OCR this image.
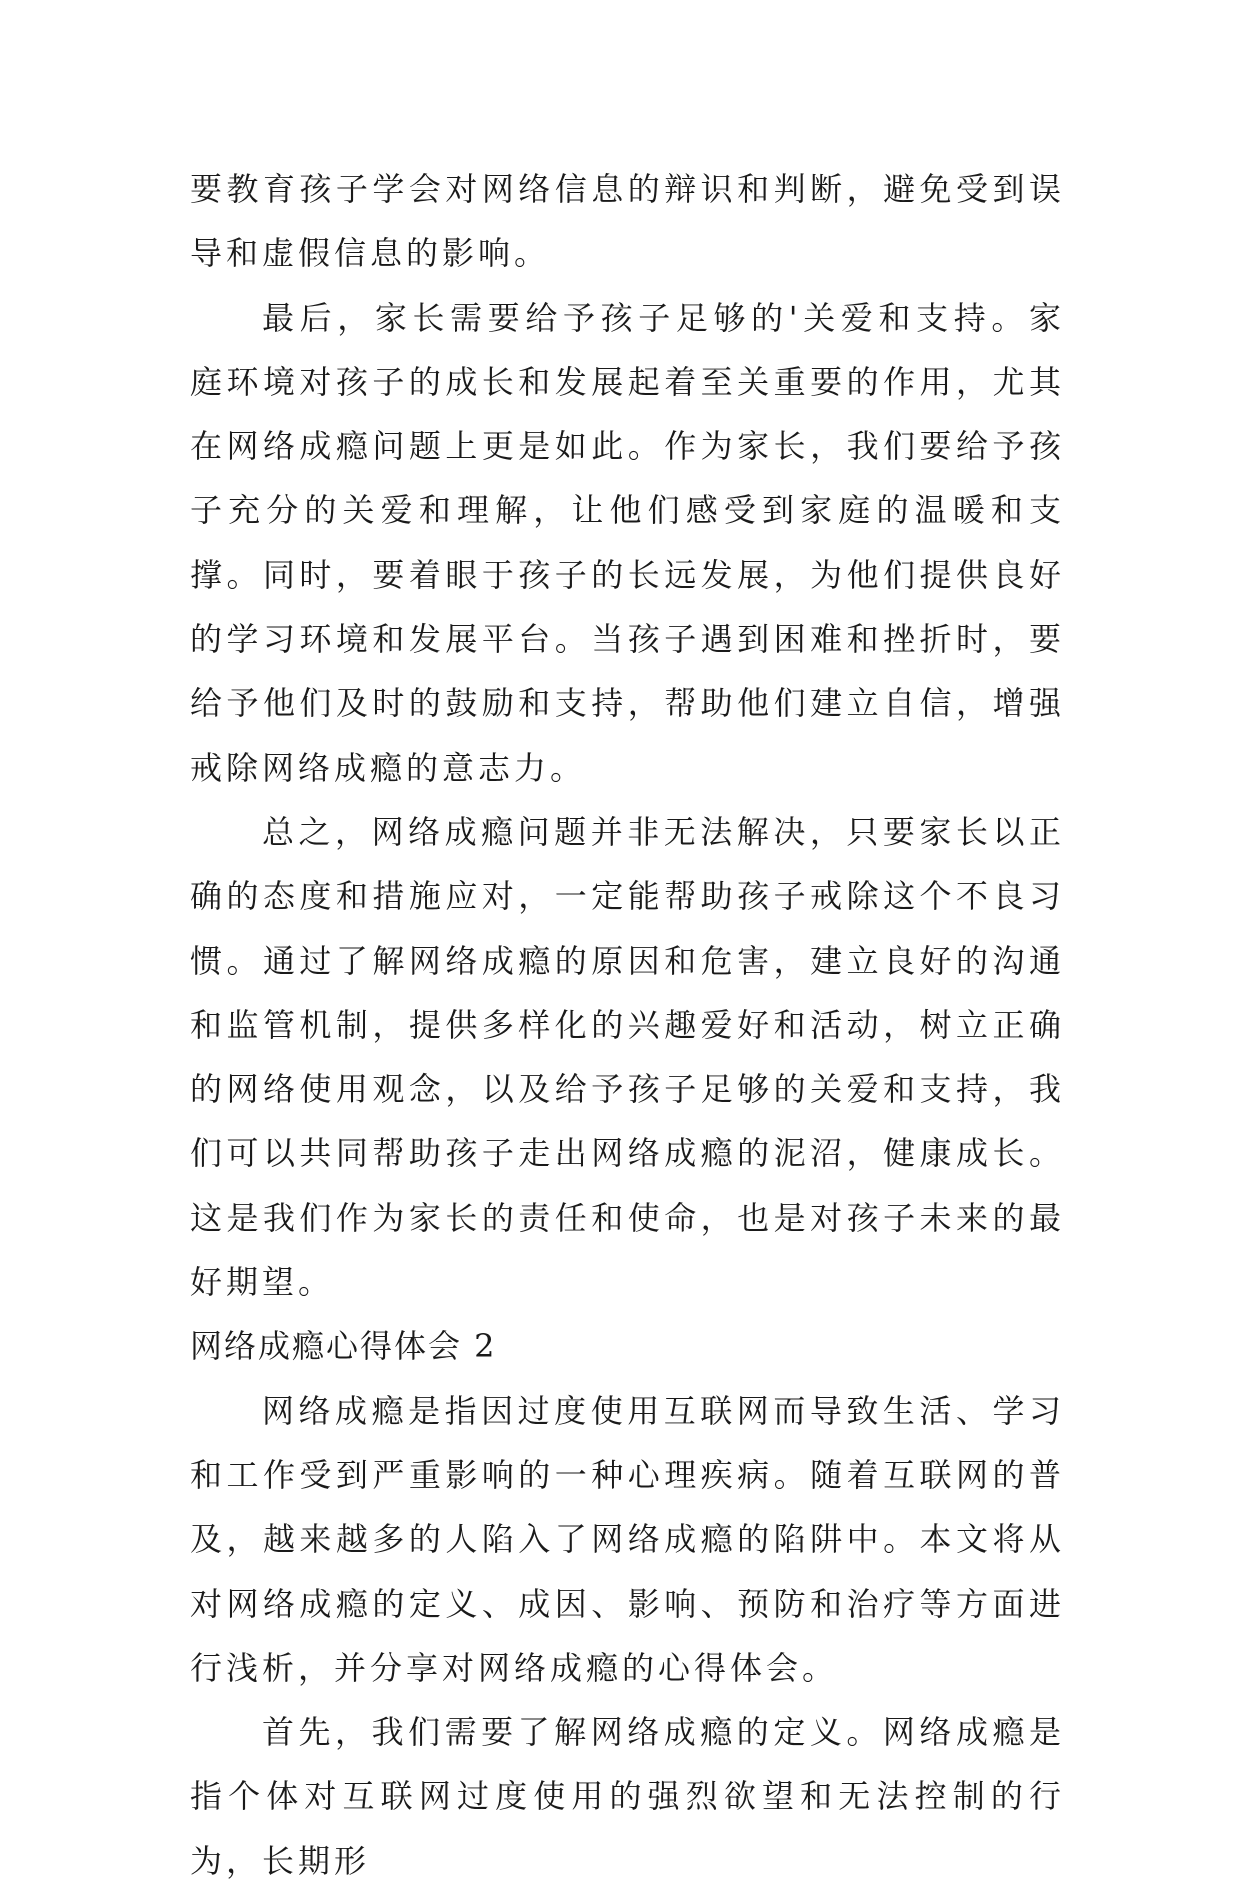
要教育孩子学会对网络信息的辩识和判断，避免受到误导和虚假信息的影响。

最后，家长需要给予孩子足够的'关爱和支持。家庭环境对孩子的成长和发展起着至关重要的作用，尤其在网络成瘾问题上更是如此。作为家长，我们要给予孩子充分的关爱和理解，让他们感受到家庭的温暖和支撑。同时，要着眼于孩子的长远发展，为他们提供良好的学习环境和发展平台。当孩子遇到困难和挫折时，要给予他们及时的鼓励和支持，帮助他们建立自信，增强戒除网络成瘾的意志力。

总之，网络成瘾问题并非无法解决，只要家长以正确的态度和措施应对，一定能帮助孩子戒除这个不良习惯。通过了解网络成瘾的原因和危害，建立良好的沟通和监管机制，提供多样化的兴趣爱好和活动，树立正确的网络使用观念，以及给予孩子足够的关爱和支持，我们可以共同帮助孩子走出网络成瘾的泥沼，健康成长。这是我们作为家长的责任和使命，也是对孩子未来的最好期望。

网络成瘾心得体会 2

网络成瘾是指因过度使用互联网而导致生活、学习和工作受到严重影响的一种心理疾病。随着互联网的普及，越来越多的人陷入了网络成瘾的陷阱中。本文将从对网络成瘾的定义、成因、影响、预防和治疗等方面进行浅析，并分享对网络成瘾的心得体会。

首先，我们需要了解网络成瘾的定义。网络成瘾是指个体对互联网过度使用的强烈欲望和无法控制的行为，长期形
